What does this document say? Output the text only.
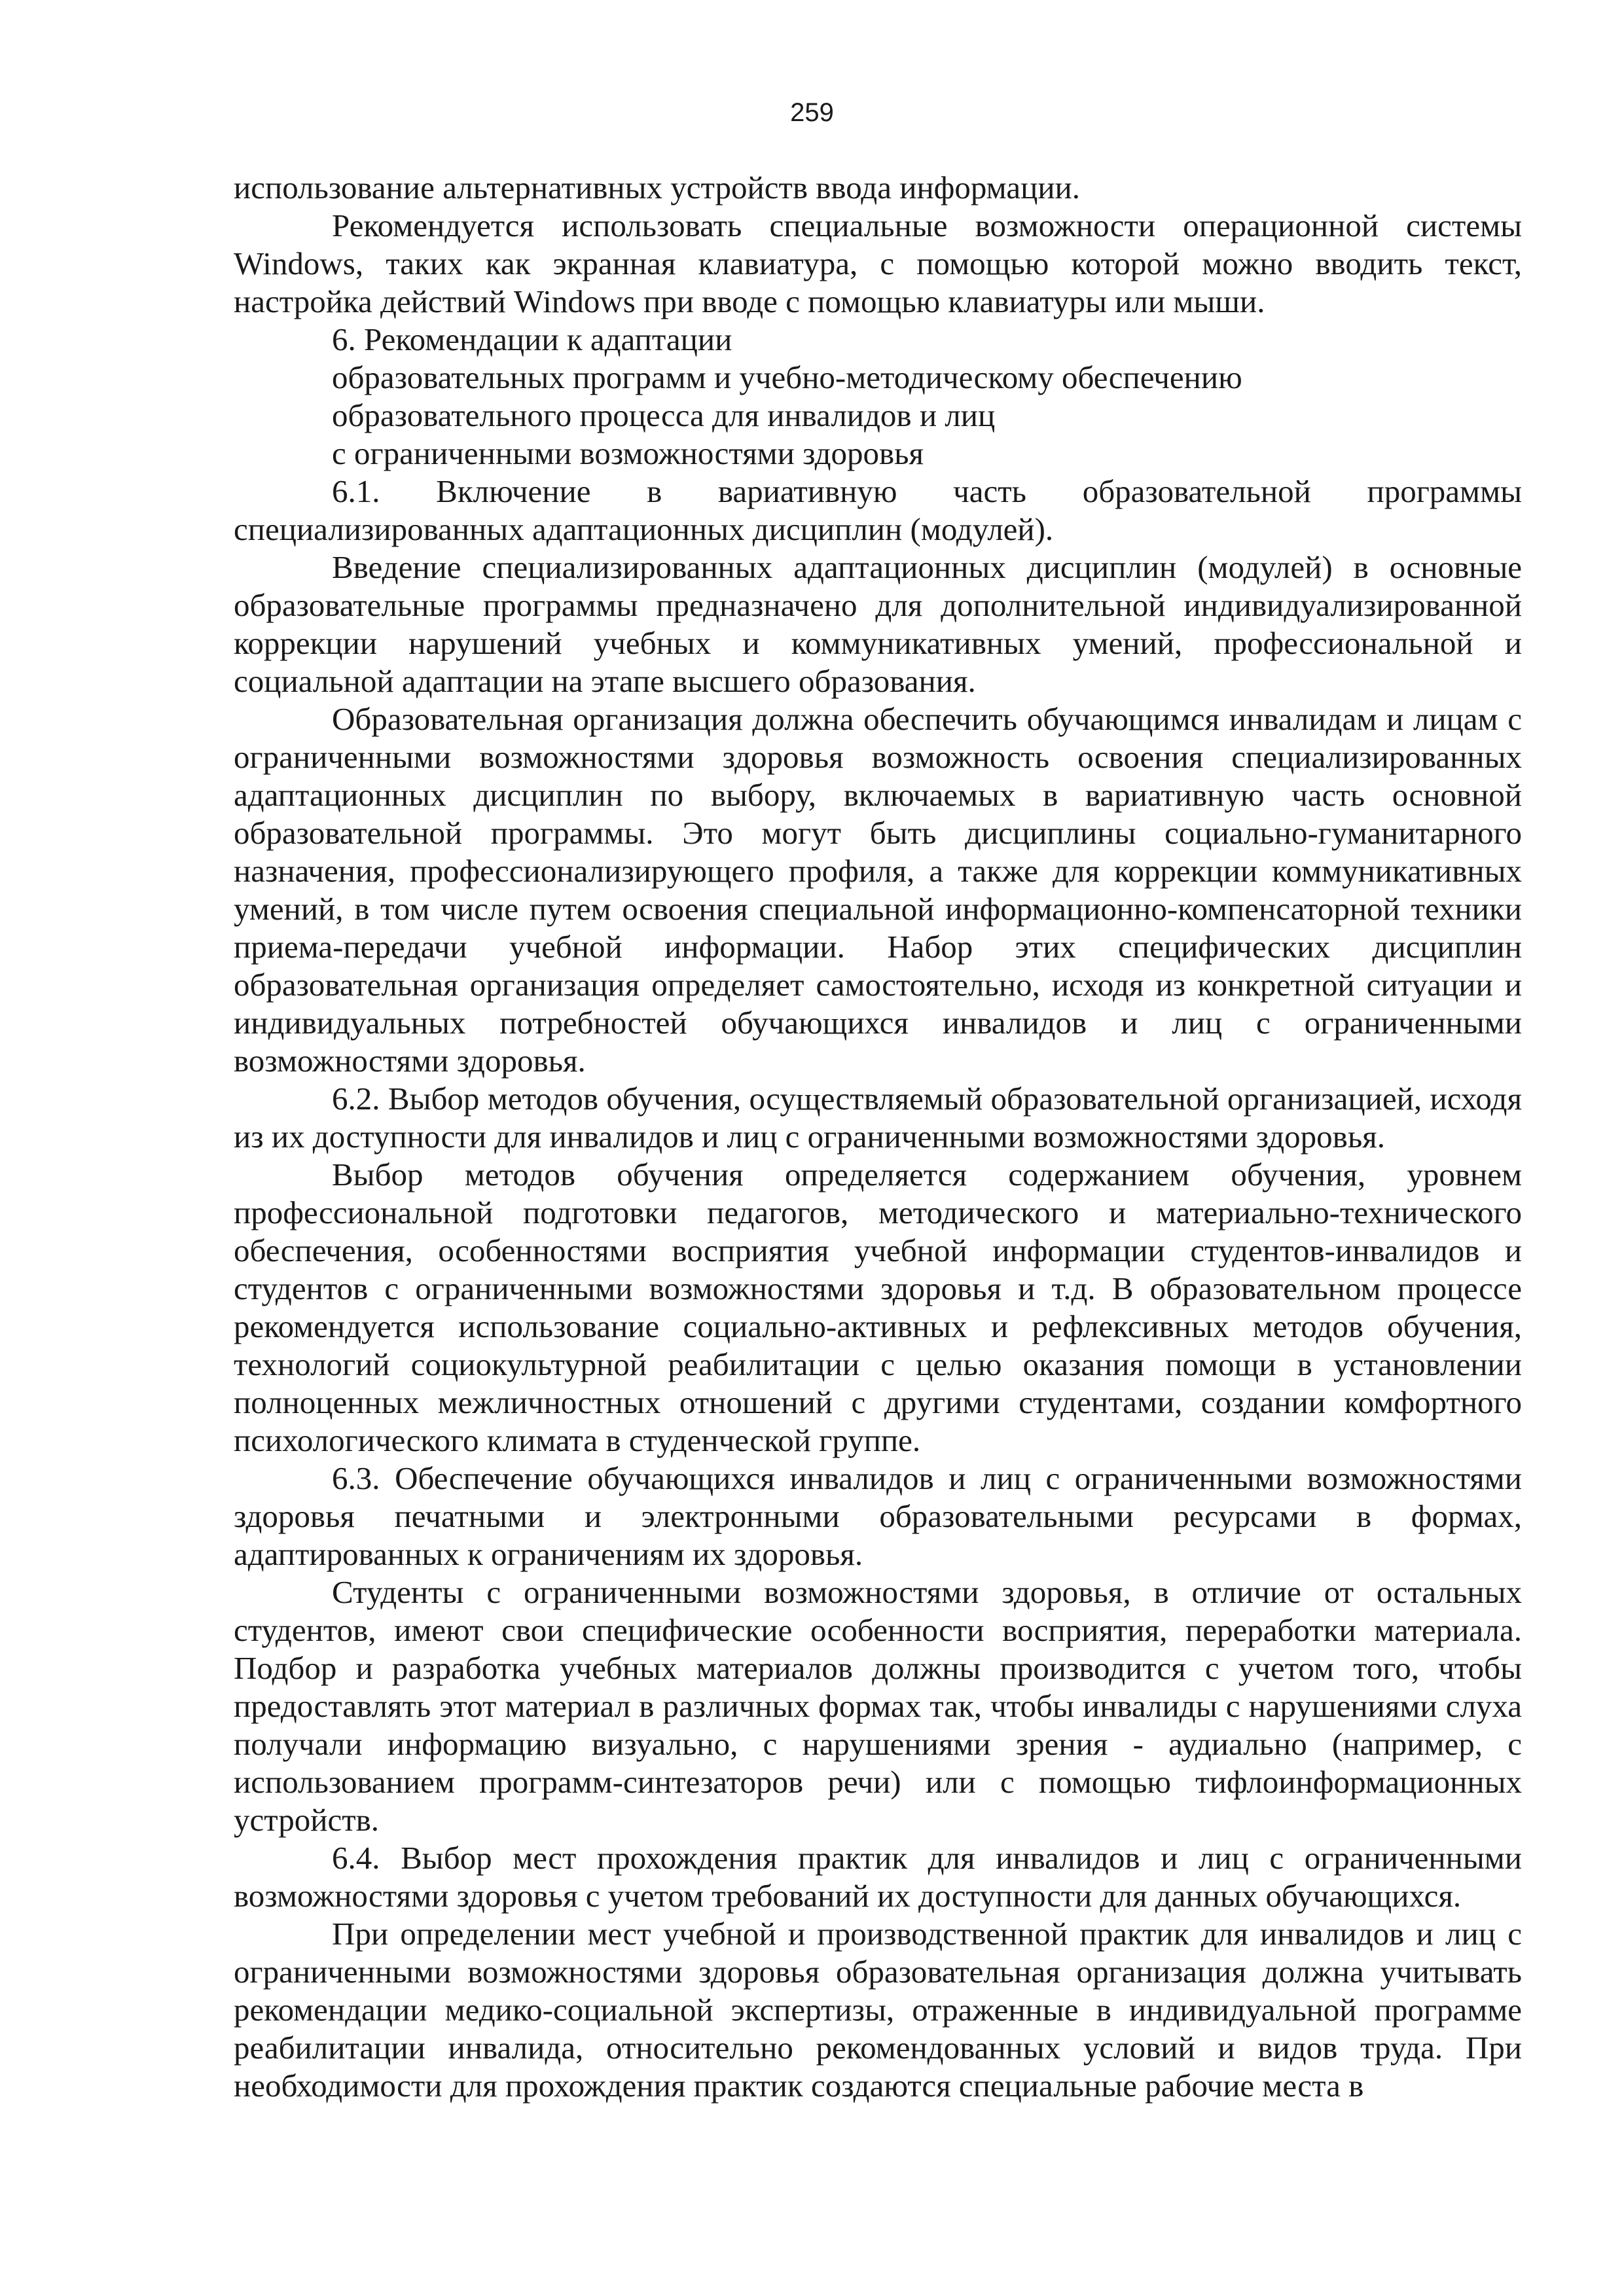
259

использование альтернативных устройств ввода информации.

Рекомендуется использовать специальные возможности операционной системы Windows, таких как экранная клавиатура, с помощью которой можно вводить текст, настройка действий Windows при вводе с помощью клавиатуры или мыши.

6. Рекомендации к адаптации

образовательных программ и учебно-методическому обеспечению

образовательного процесса для инвалидов и лиц

с ограниченными возможностями здоровья

6.1. Включение в вариативную часть образовательной программы специализированных адаптационных дисциплин (модулей).

Введение специализированных адаптационных дисциплин (модулей) в основные образовательные программы предназначено для дополнительной индивидуализированной коррекции нарушений учебных и коммуникативных умений, профессиональной и социальной адаптации на этапе высшего образования.

Образовательная организация должна обеспечить обучающимся инвалидам и лицам с ограниченными возможностями здоровья возможность освоения специализированных адаптационных дисциплин по выбору, включаемых в вариативную часть основной образовательной программы. Это могут быть дисциплины социально-гуманитарного назначения, профессионализирующего профиля, а также для коррекции коммуникативных умений, в том числе путем освоения специальной информационно-компенсаторной техники приема-передачи учебной информации. Набор этих специфических дисциплин образовательная организация определяет самостоятельно, исходя из конкретной ситуации и индивидуальных потребностей обучающихся инвалидов и лиц с ограниченными возможностями здоровья.

6.2. Выбор методов обучения, осуществляемый образовательной организацией, исходя из их доступности для инвалидов и лиц с ограниченными возможностями здоровья.

Выбор методов обучения определяется содержанием обучения, уровнем профессиональной подготовки педагогов, методического и материально-технического обеспечения, особенностями восприятия учебной информации студентов-инвалидов и студентов с ограниченными возможностями здоровья и т.д. В образовательном процессе рекомендуется использование социально-активных и рефлексивных методов обучения, технологий социокультурной реабилитации с целью оказания помощи в установлении полноценных межличностных отношений с другими студентами, создании комфортного психологического климата в студенческой группе.

6.3. Обеспечение обучающихся инвалидов и лиц с ограниченными возможностями здоровья печатными и электронными образовательными ресурсами в формах, адаптированных к ограничениям их здоровья.

Студенты с ограниченными возможностями здоровья, в отличие от остальных студентов, имеют свои специфические особенности восприятия, переработки материала. Подбор и разработка учебных материалов должны производится с учетом того, чтобы предоставлять этот материал в различных формах так, чтобы инвалиды с нарушениями слуха получали информацию визуально, с нарушениями зрения - аудиально (например, с использованием программ-синтезаторов речи) или с помощью тифлоинформационных устройств.

6.4. Выбор мест прохождения практик для инвалидов и лиц с ограниченными возможностями здоровья с учетом требований их доступности для данных обучающихся.

При определении мест учебной и производственной практик для инвалидов и лиц с ограниченными возможностями здоровья образовательная организация должна учитывать рекомендации медико-социальной экспертизы, отраженные в индивидуальной программе реабилитации инвалида, относительно рекомендованных условий и видов труда. При необходимости для прохождения практик создаются специальные рабочие места в
